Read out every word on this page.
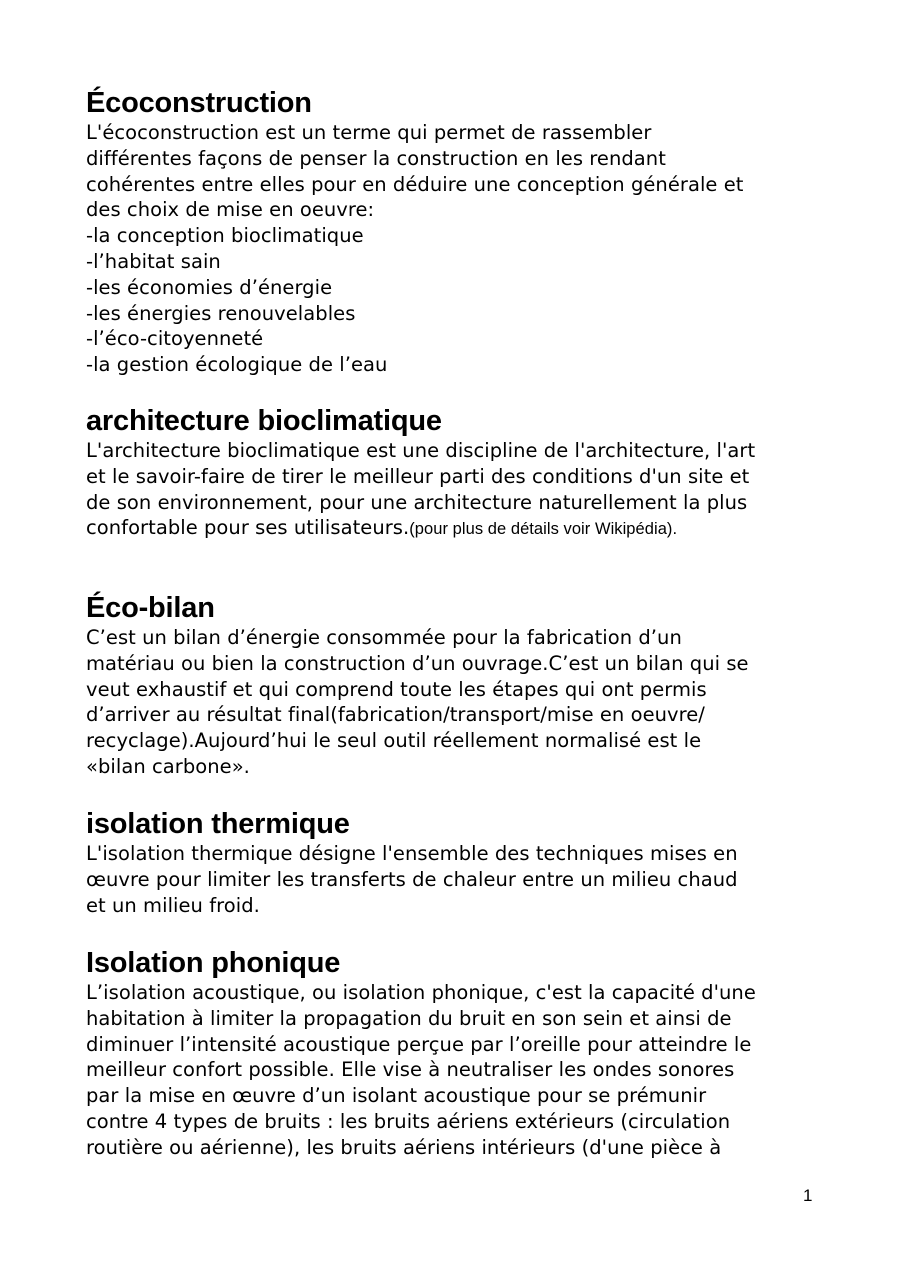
Écoconstruction

L'écoconstruction est un terme qui permet de rassembler
différentes façons de penser la construction en les rendant
cohérentes entre elles pour en déduire une conception générale et
des choix de mise en oeuvre:
-la conception bioclimatique
-l’habitat sain
-les économies d’énergie
-les énergies renouvelables
-l’éco-citoyenneté
-la gestion écologique de l’eau

architecture bioclimatique

L'architecture bioclimatique est une discipline de l'architecture, l'art
et le savoir-faire de tirer le meilleur parti des conditions d'un site et
de son environnement, pour une architecture naturellement la plus
confortable pour ses utilisateurs.(pour plus de détails voir Wikipédia).

Éco-bilan

C’est un bilan d’énergie consommée pour la fabrication d’un
matériau ou bien la construction d’un ouvrage.C’est un bilan qui se
veut exhaustif et qui comprend toute les étapes qui ont permis
d’arriver au résultat final(fabrication/transport/mise en oeuvre/
recyclage).Aujourd’hui le seul outil réellement normalisé est le
«bilan carbone».

isolation thermique

L'isolation thermique désigne l'ensemble des techniques mises en
œuvre pour limiter les transferts de chaleur entre un milieu chaud
et un milieu froid.

Isolation phonique

L’isolation acoustique, ou isolation phonique, c'est la capacité d'une
habitation à limiter la propagation du bruit en son sein et ainsi de
diminuer l’intensité acoustique perçue par l’oreille pour atteindre le
meilleur confort possible. Elle vise à neutraliser les ondes sonores
par la mise en œuvre d’un isolant acoustique pour se prémunir
contre 4 types de bruits : les bruits aériens extérieurs (circulation
routière ou aérienne), les bruits aériens intérieurs (d'une pièce à

1
